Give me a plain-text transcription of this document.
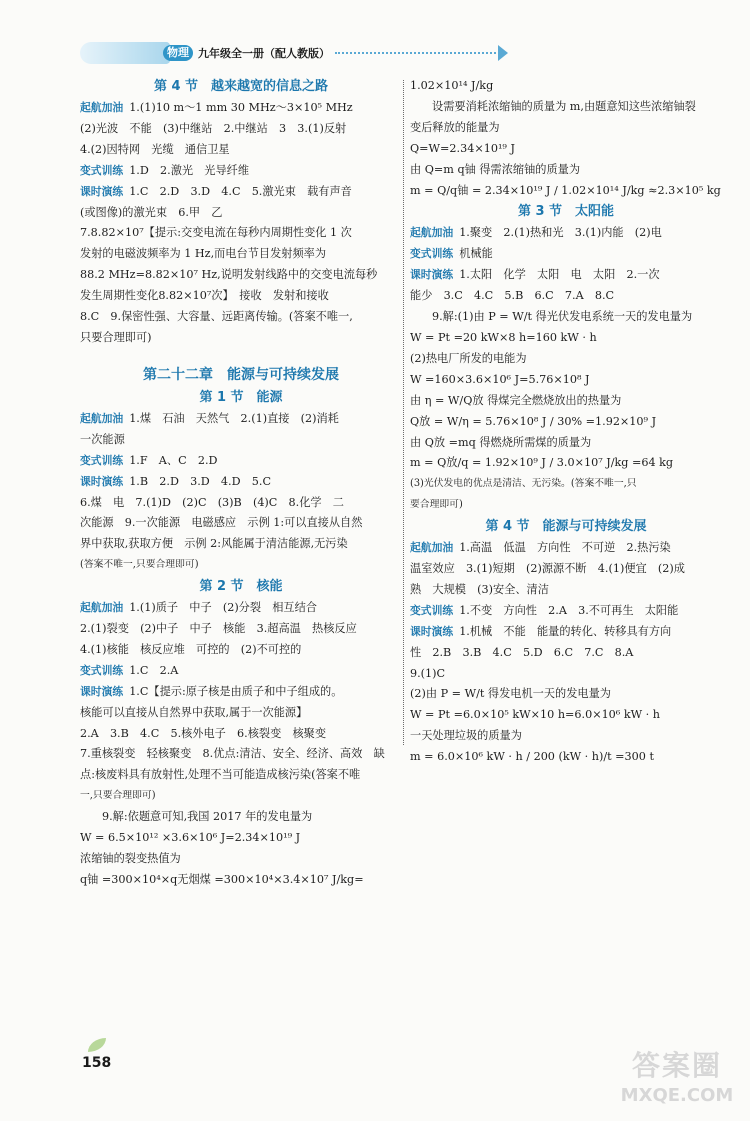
物理 九年级全一册（配人教版）
第 4 节　越来越宽的信息之路
起航加油 1.(1)10 m～1 mm 30 MHz～3×10⁵ MHz
(2)光波　不能　(3)中继站　2.中继站　3　3.(1)反射
4.(2)因特网　光缆　通信卫星
变式训练 1.D　2.激光　光导纤维
课时演练 1.C　2.D　3.D　4.C　5.激光束　载有声音
(或图像)的激光束　6.甲　乙
7.8.82×10⁷【提示:交变电流在每秒内周期性变化 1 次
发射的电磁波频率为 1 Hz,而电台节目发射频率为
88.2 MHz=8.82×10⁷ Hz,说明发射线路中的交变电流每秒
发生周期性变化8.82×10⁷次】　接收　发射和接收
8.C　9.保密性强、大容量、远距离传输。(答案不唯一,
只要合理即可)
第二十二章　能源与可持续发展
第 1 节　能源
起航加油 1.煤　石油　天然气　2.(1)直接　(2)消耗
一次能源
变式训练 1.F　A、C　2.D
课时演练 1.B　2.D　3.D　4.D　5.C
6.煤　电　7.(1)D　(2)C　(3)B　(4)C　8.化学　二
次能源　9.一次能源　电磁感应　示例 1:可以直接从自然
界中获取,获取方便　示例 2:风能属于清洁能源,无污染
(答案不唯一,只要合理即可)
第 2 节　核能
起航加油 1.(1)质子　中子　(2)分裂　相互结合
2.(1)裂变　(2)中子　中子　核能　3.超高温　热核反应
4.(1)核能　核反应堆　可控的　(2)不可控的
变式训练 1.C　2.A
课时演练 1.C【提示:原子核是由质子和中子组成的。
核能可以直接从自然界中获取,属于一次能源】
2.A　3.B　4.C　5.核外电子　6.核裂变　核聚变
7.重核裂变　轻核聚变　8.优点:清洁、安全、经济、高效　缺
点:核废料具有放射性,处理不当可能造成核污染(答案不唯
一,只要合理即可)
9.解:依题意可知,我国 2017 年的发电量为
W = 6.5×10¹² ×3.6×10⁶ J=2.34×10¹⁹ J
浓缩铀的裂变热值为
q铀 =300×10⁴×q无烟煤 =300×10⁴×3.4×10⁷ J/kg=
1.02×10¹⁴ J/kg
设需要消耗浓缩铀的质量为 m,由题意知这些浓缩铀裂
变后释放的能量为
Q=W=2.34×10¹⁹ J
由 Q=m q铀 得需浓缩铀的质量为
m = Q/q铀 = 2.34×10¹⁹ J / 1.02×10¹⁴ J/kg ≈2.3×10⁵ kg
第 3 节　太阳能
起航加油 1.聚变　2.(1)热和光　3.(1)内能　(2)电
变式训练 机械能
课时演练 1.太阳　化学　太阳　电　太阳　2.一次
能少　3.C　4.C　5.B　6.C　7.A　8.C
9.解:(1)由 P = W/t 得光伏发电系统一天的发电量为
W = Pt =20 kW×8 h=160 kW · h
(2)热电厂所发的电能为
W =160×3.6×10⁶ J=5.76×10⁸ J
由 η = W/Q放 得煤完全燃烧放出的热量为
Q放 = W/η = 5.76×10⁸ J / 30% =1.92×10⁹ J
由 Q放 =mq 得燃烧所需煤的质量为
m = Q放/q = 1.92×10⁹ J / 3.0×10⁷ J/kg =64 kg
(3)光伏发电的优点是清洁、无污染。(答案不唯一,只
要合理即可)
第 4 节　能源与可持续发展
起航加油 1.高温　低温　方向性　不可逆　2.热污染
温室效应　3.(1)短期　(2)源源不断　4.(1)便宜　(2)成
熟　大规模　(3)安全、清洁
变式训练 1.不变　方向性　2.A　3.不可再生　太阳能
课时演练 1.机械　不能　能量的转化、转移具有方向
性　2.B　3.B　4.C　5.D　6.C　7.C　8.A
9.(1)C
(2)由 P = W/t 得发电机一天的发电量为
W = Pt =6.0×10⁵ kW×10 h=6.0×10⁶ kW · h
一天处理垃圾的质量为
m = 6.0×10⁶ kW · h / 200 (kW · h)/t =300 t
158	答案圈
MXQE.COM
